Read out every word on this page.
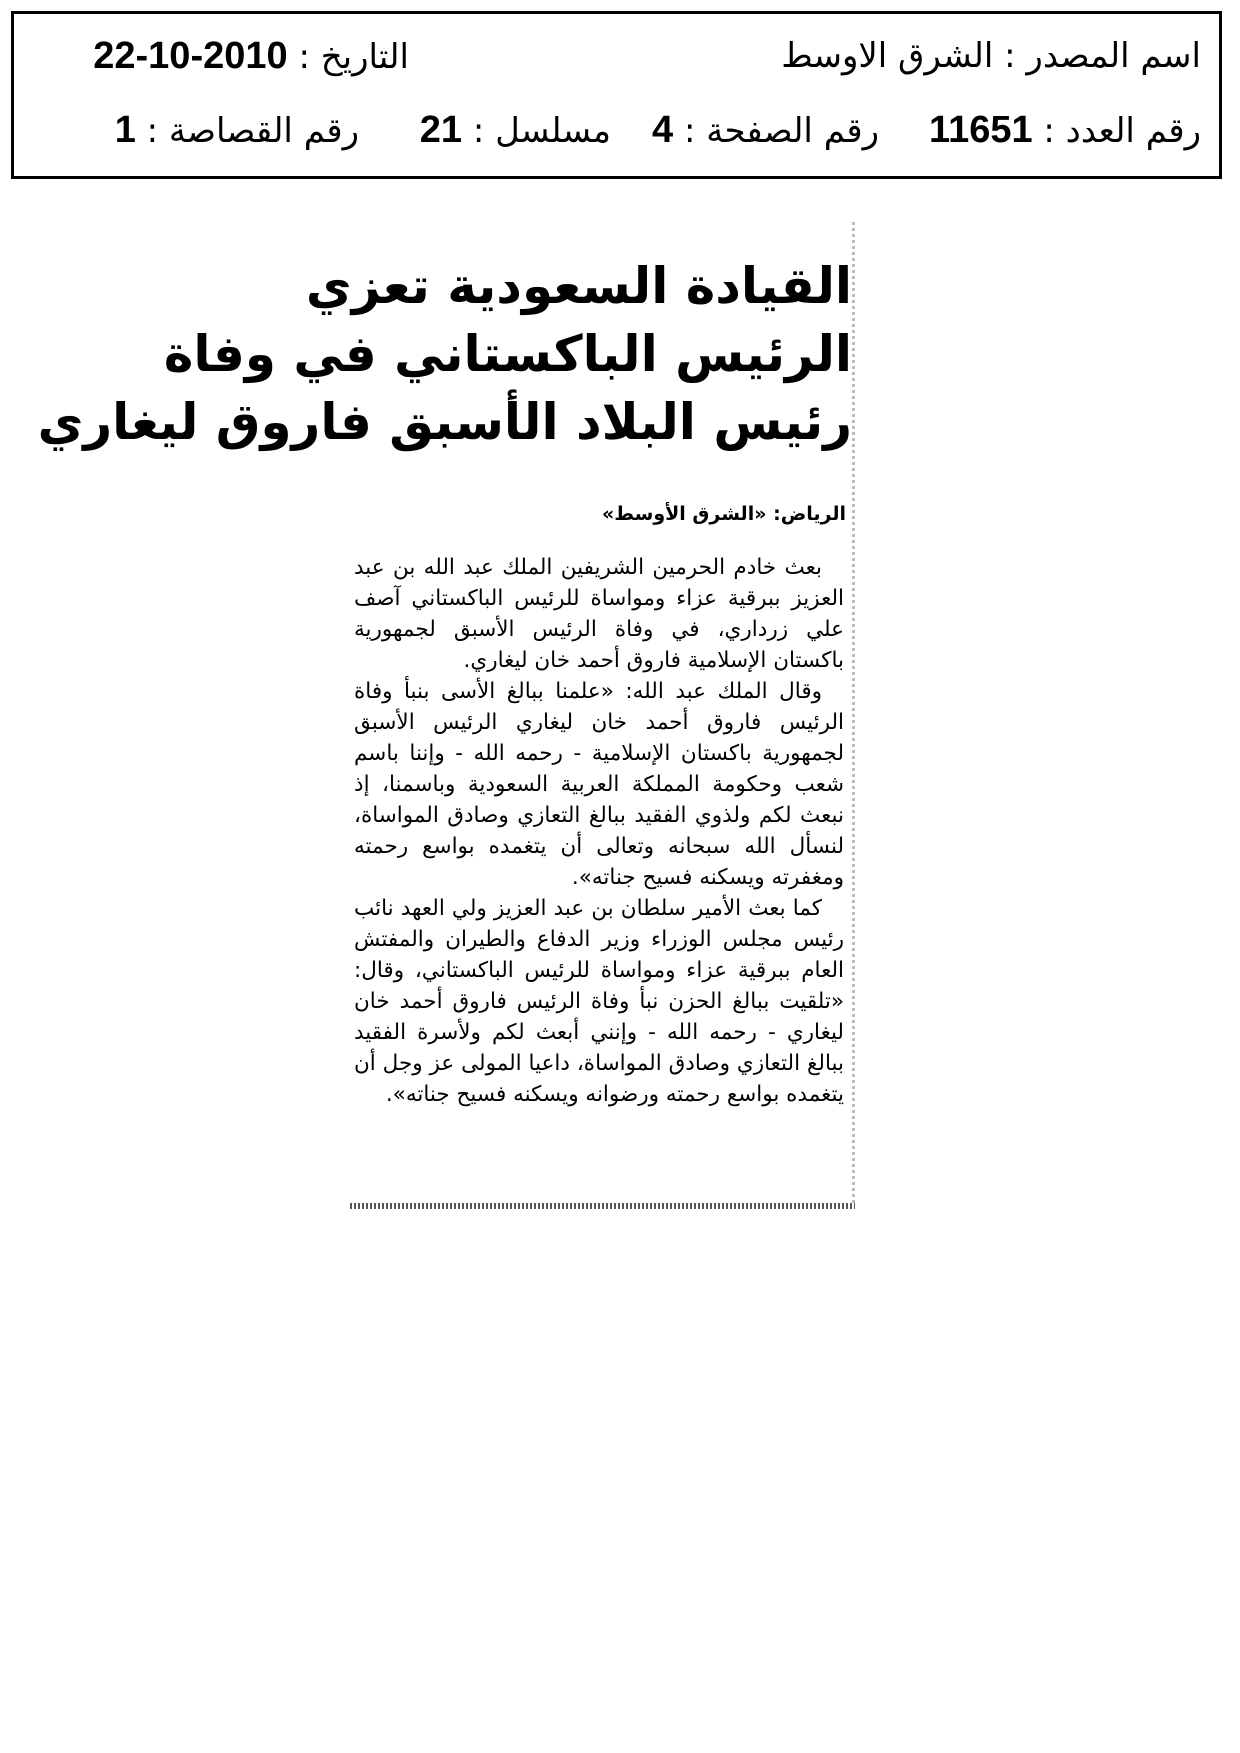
اسم المصدر : الشرق الاوسط
التاريخ : 2010-10-22
رقم العدد : 11651
رقم الصفحة : 4
مسلسل : 21
رقم القصاصة : 1
القيادة السعودية تعزي
الرئيس الباكستاني في وفاة
رئيس البلاد الأسبق فاروق ليغاري
الرياض: «الشرق الأوسط»

بعث خادم الحرمين الشريفين الملك عبد الله بن عبد العزيز ببرقية عزاء ومواساة للرئيس الباكستاني آصف علي زرداري، في وفاة الرئيس الأسبق لجمهورية باكستان الإسلامية فاروق أحمد خان ليغاري.

وقال الملك عبد الله: «علمنا ببالغ الأسى بنبأ وفاة الرئيس فاروق أحمد خان ليغاري الرئيس الأسبق لجمهورية باكستان الإسلامية - رحمه الله - وإننا باسم شعب وحكومة المملكة العربية السعودية وباسمنا، إذ نبعث لكم ولذوي الفقيد ببالغ التعازي وصادق المواساة، لنسأل الله سبحانه وتعالى أن يتغمده بواسع رحمته ومغفرته ويسكنه فسيح جناته».

كما بعث الأمير سلطان بن عبد العزيز ولي العهد نائب رئيس مجلس الوزراء وزير الدفاع والطيران والمفتش العام ببرقية عزاء ومواساة للرئيس الباكستاني، وقال: «تلقيت ببالغ الحزن نبأ وفاة الرئيس فاروق أحمد خان ليغاري - رحمه الله - وإنني أبعث لكم ولأسرة الفقيد ببالغ التعازي وصادق المواساة، داعيا المولى عز وجل أن يتغمده بواسع رحمته ورضوانه ويسكنه فسيح جناته».
